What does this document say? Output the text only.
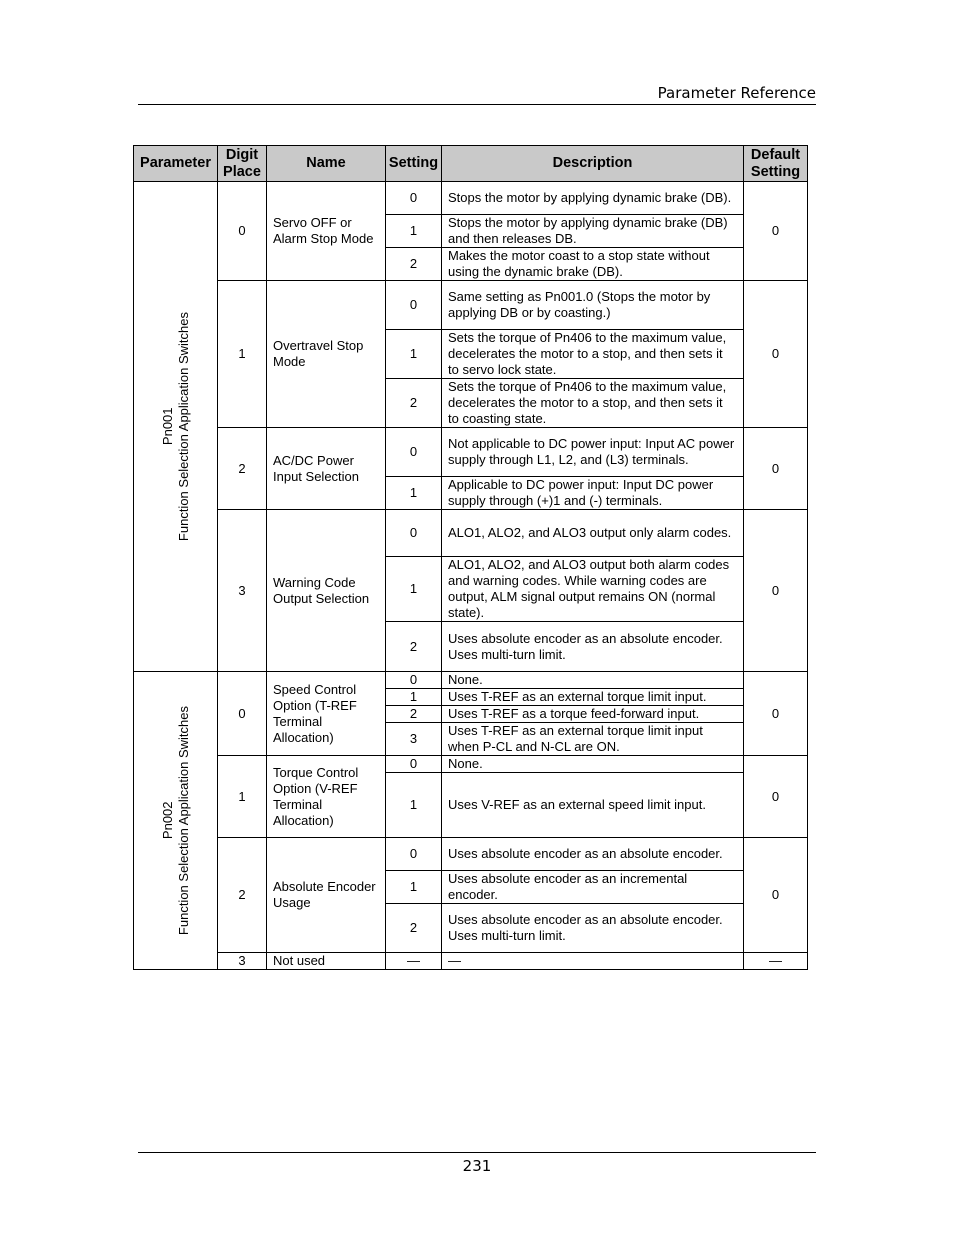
Parameter Reference
Parameter	Digit
Place	Name	Setting	Description	Default
Setting

Pn001 Function Selection Application Switches	0	Servo OFF or Alarm Stop Mode	0	Stops the motor by applying dynamic brake (DB).	0
			1	Stops the motor by applying dynamic brake (DB) and then releases DB.	
			2	Makes the motor coast to a stop state without using the dynamic brake (DB).	
	1	Overtravel Stop Mode	0	Same setting as Pn001.0 (Stops the motor by applying DB or by coasting.)	0
			1	Sets the torque of Pn406 to the maximum value, decelerates the motor to a stop, and then sets it to servo lock state.	
			2	Sets the torque of Pn406 to the maximum value, decelerates the motor to a stop, and then sets it to coasting state.	
	2	AC/DC Power Input Selection	0	Not applicable to DC power input: Input AC power supply through L1, L2, and (L3) terminals.	0
			1	Applicable to DC power input: Input DC power supply through (+)1 and (-) terminals.	
	3	Warning Code Output Selection	0	ALO1, ALO2, and ALO3 output only alarm codes.	0
			1	ALO1, ALO2, and ALO3 output both alarm codes and warning codes. While warning codes are output, ALM signal output remains ON (normal state).	
			2	Uses absolute encoder as an absolute encoder. Uses multi-turn limit.	

Pn002 Function Selection Application Switches	0	Speed Control Option (T-REF Terminal Allocation)	0	None.	0
			1	Uses T-REF as an external torque limit input.	
			2	Uses T-REF as a torque feed-forward input.	
			3	Uses T-REF as an external torque limit input when P-CL and N-CL are ON.	
	1	Torque Control Option (V-REF Terminal Allocation)	0	None.	0
			1	Uses V-REF as an external speed limit input.	
	2	Absolute Encoder Usage	0	Uses absolute encoder as an absolute encoder.	0
			1	Uses absolute encoder as an incremental encoder.	
			2	Uses absolute encoder as an absolute encoder. Uses multi-turn limit.	
	3	Not used	—	—	—
231
